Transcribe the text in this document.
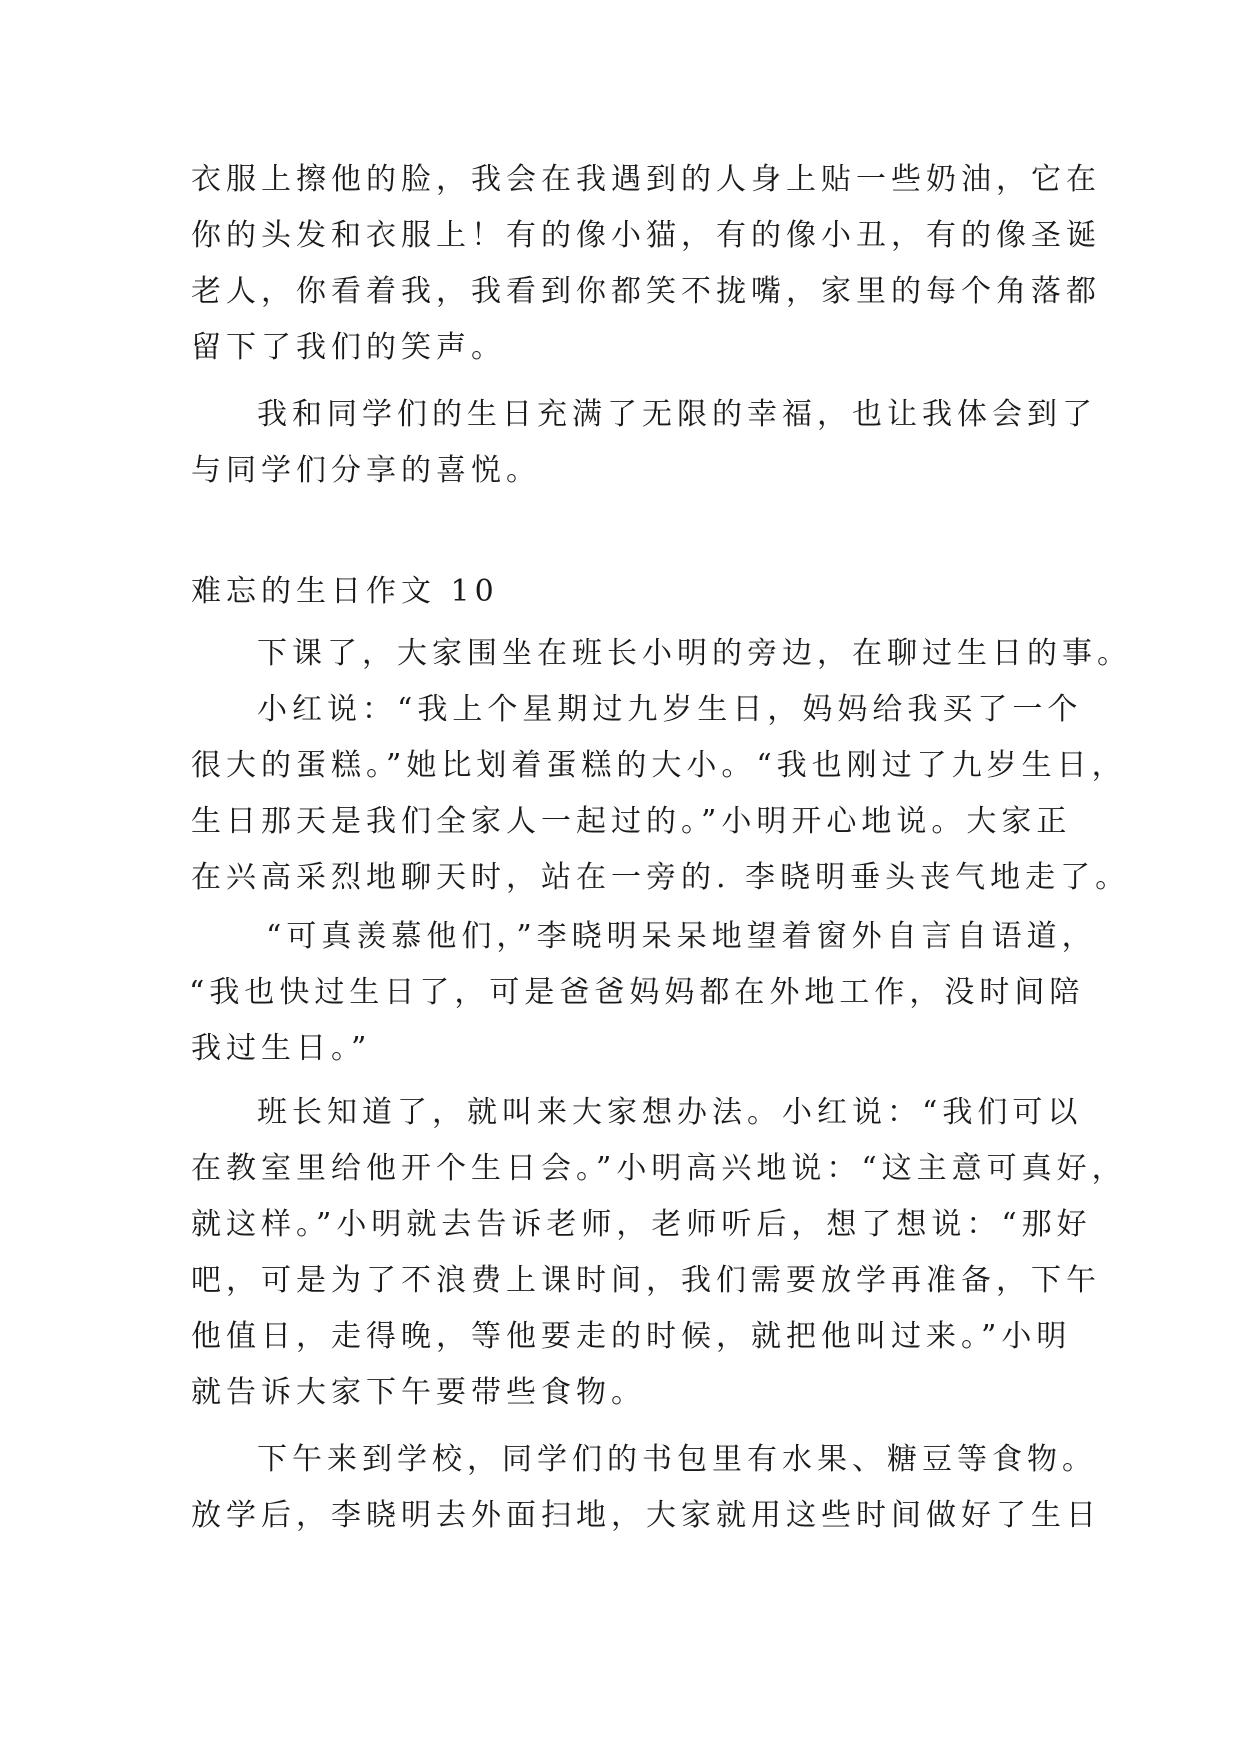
衣服上擦他的脸，我会在我遇到的人身上贴一些奶油，它在
你的头发和衣服上！有的像小猫，有的像小丑，有的像圣诞
老人，你看着我，我看到你都笑不拢嘴，家里的每个角落都
留下了我们的笑声。
我和同学们的生日充满了无限的幸福，也让我体会到了
与同学们分享的喜悦。
难忘的生日作文 10
下课了，大家围坐在班长小明的旁边，在聊过生日的事。
小红说：“我上个星期过九岁生日，妈妈给我买了一个
很大的蛋糕。”她比划着蛋糕的大小。“我也刚过了九岁生日，
生日那天是我们全家人一起过的。”小明开心地说。大家正
在兴高采烈地聊天时，站在一旁的. 李晓明垂头丧气地走了。
“可真羡慕他们，”李晓明呆呆地望着窗外自言自语道，
“我也快过生日了，可是爸爸妈妈都在外地工作，没时间陪
我过生日。”
班长知道了，就叫来大家想办法。小红说：“我们可以
在教室里给他开个生日会。”小明高兴地说：“这主意可真好，
就这样。”小明就去告诉老师，老师听后，想了想说：“那好
吧，可是为了不浪费上课时间，我们需要放学再准备，下午
他值日，走得晚，等他要走的时候，就把他叫过来。”小明
就告诉大家下午要带些食物。
下午来到学校，同学们的书包里有水果、糖豆等食物。
放学后，李晓明去外面扫地，大家就用这些时间做好了生日
